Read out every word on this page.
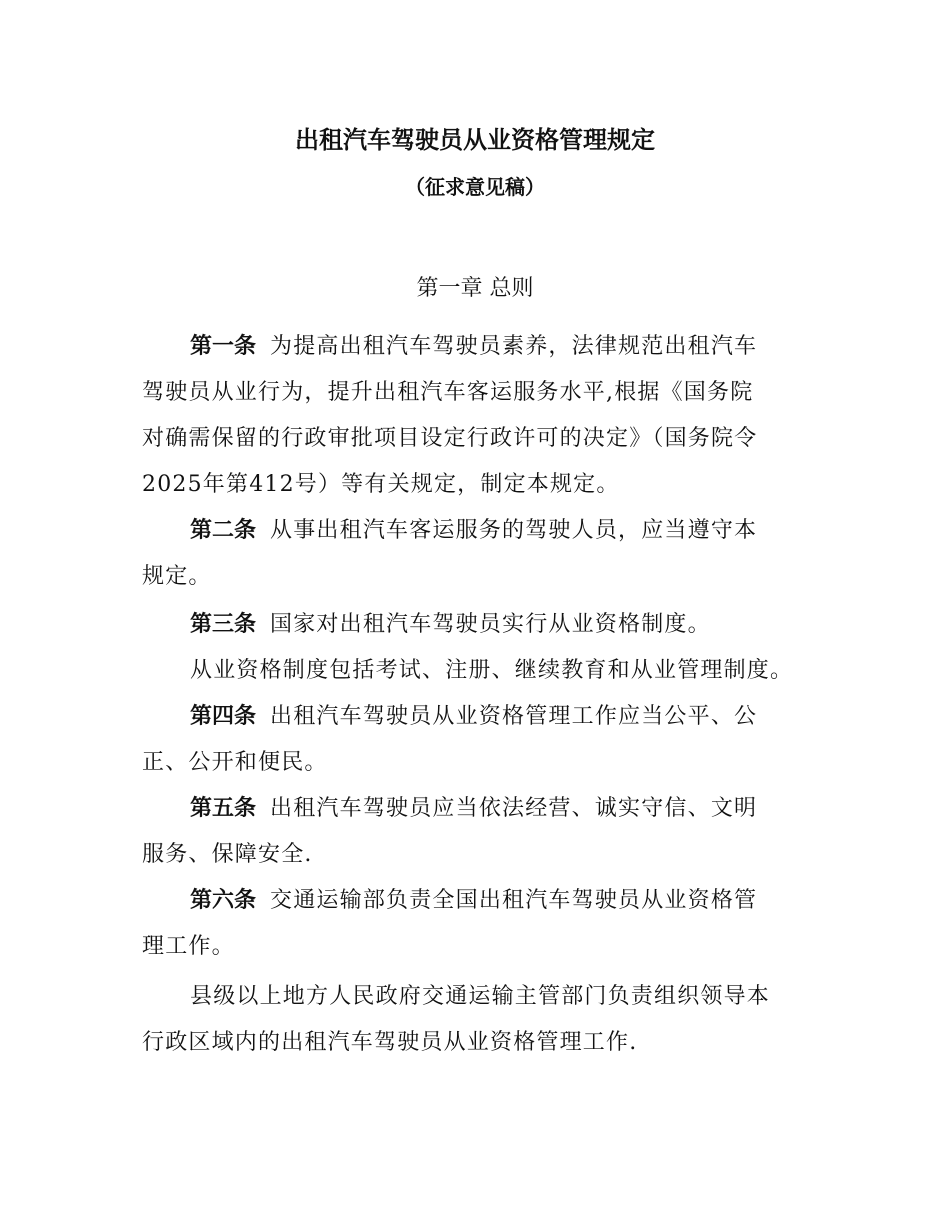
出租汽车驾驶员从业资格管理规定
（征求意见稿）
第一章 总则
第一条 为提高出租汽车驾驶员素养，法律规范出租汽车
驾驶员从业行为，提升出租汽车客运服务水平,根据《国务院
对确需保留的行政审批项目设定行政许可的决定》（国务院令
2025年第412号）等有关规定，制定本规定。
第二条 从事出租汽车客运服务的驾驶人员，应当遵守本
规定。
第三条 国家对出租汽车驾驶员实行从业资格制度。
从业资格制度包括考试、注册、继续教育和从业管理制度。
第四条 出租汽车驾驶员从业资格管理工作应当公平、公
正、公开和便民。
第五条 出租汽车驾驶员应当依法经营、诚实守信、文明
服务、保障安全.
第六条 交通运输部负责全国出租汽车驾驶员从业资格管
理工作。
县级以上地方人民政府交通运输主管部门负责组织领导本
行政区域内的出租汽车驾驶员从业资格管理工作.
